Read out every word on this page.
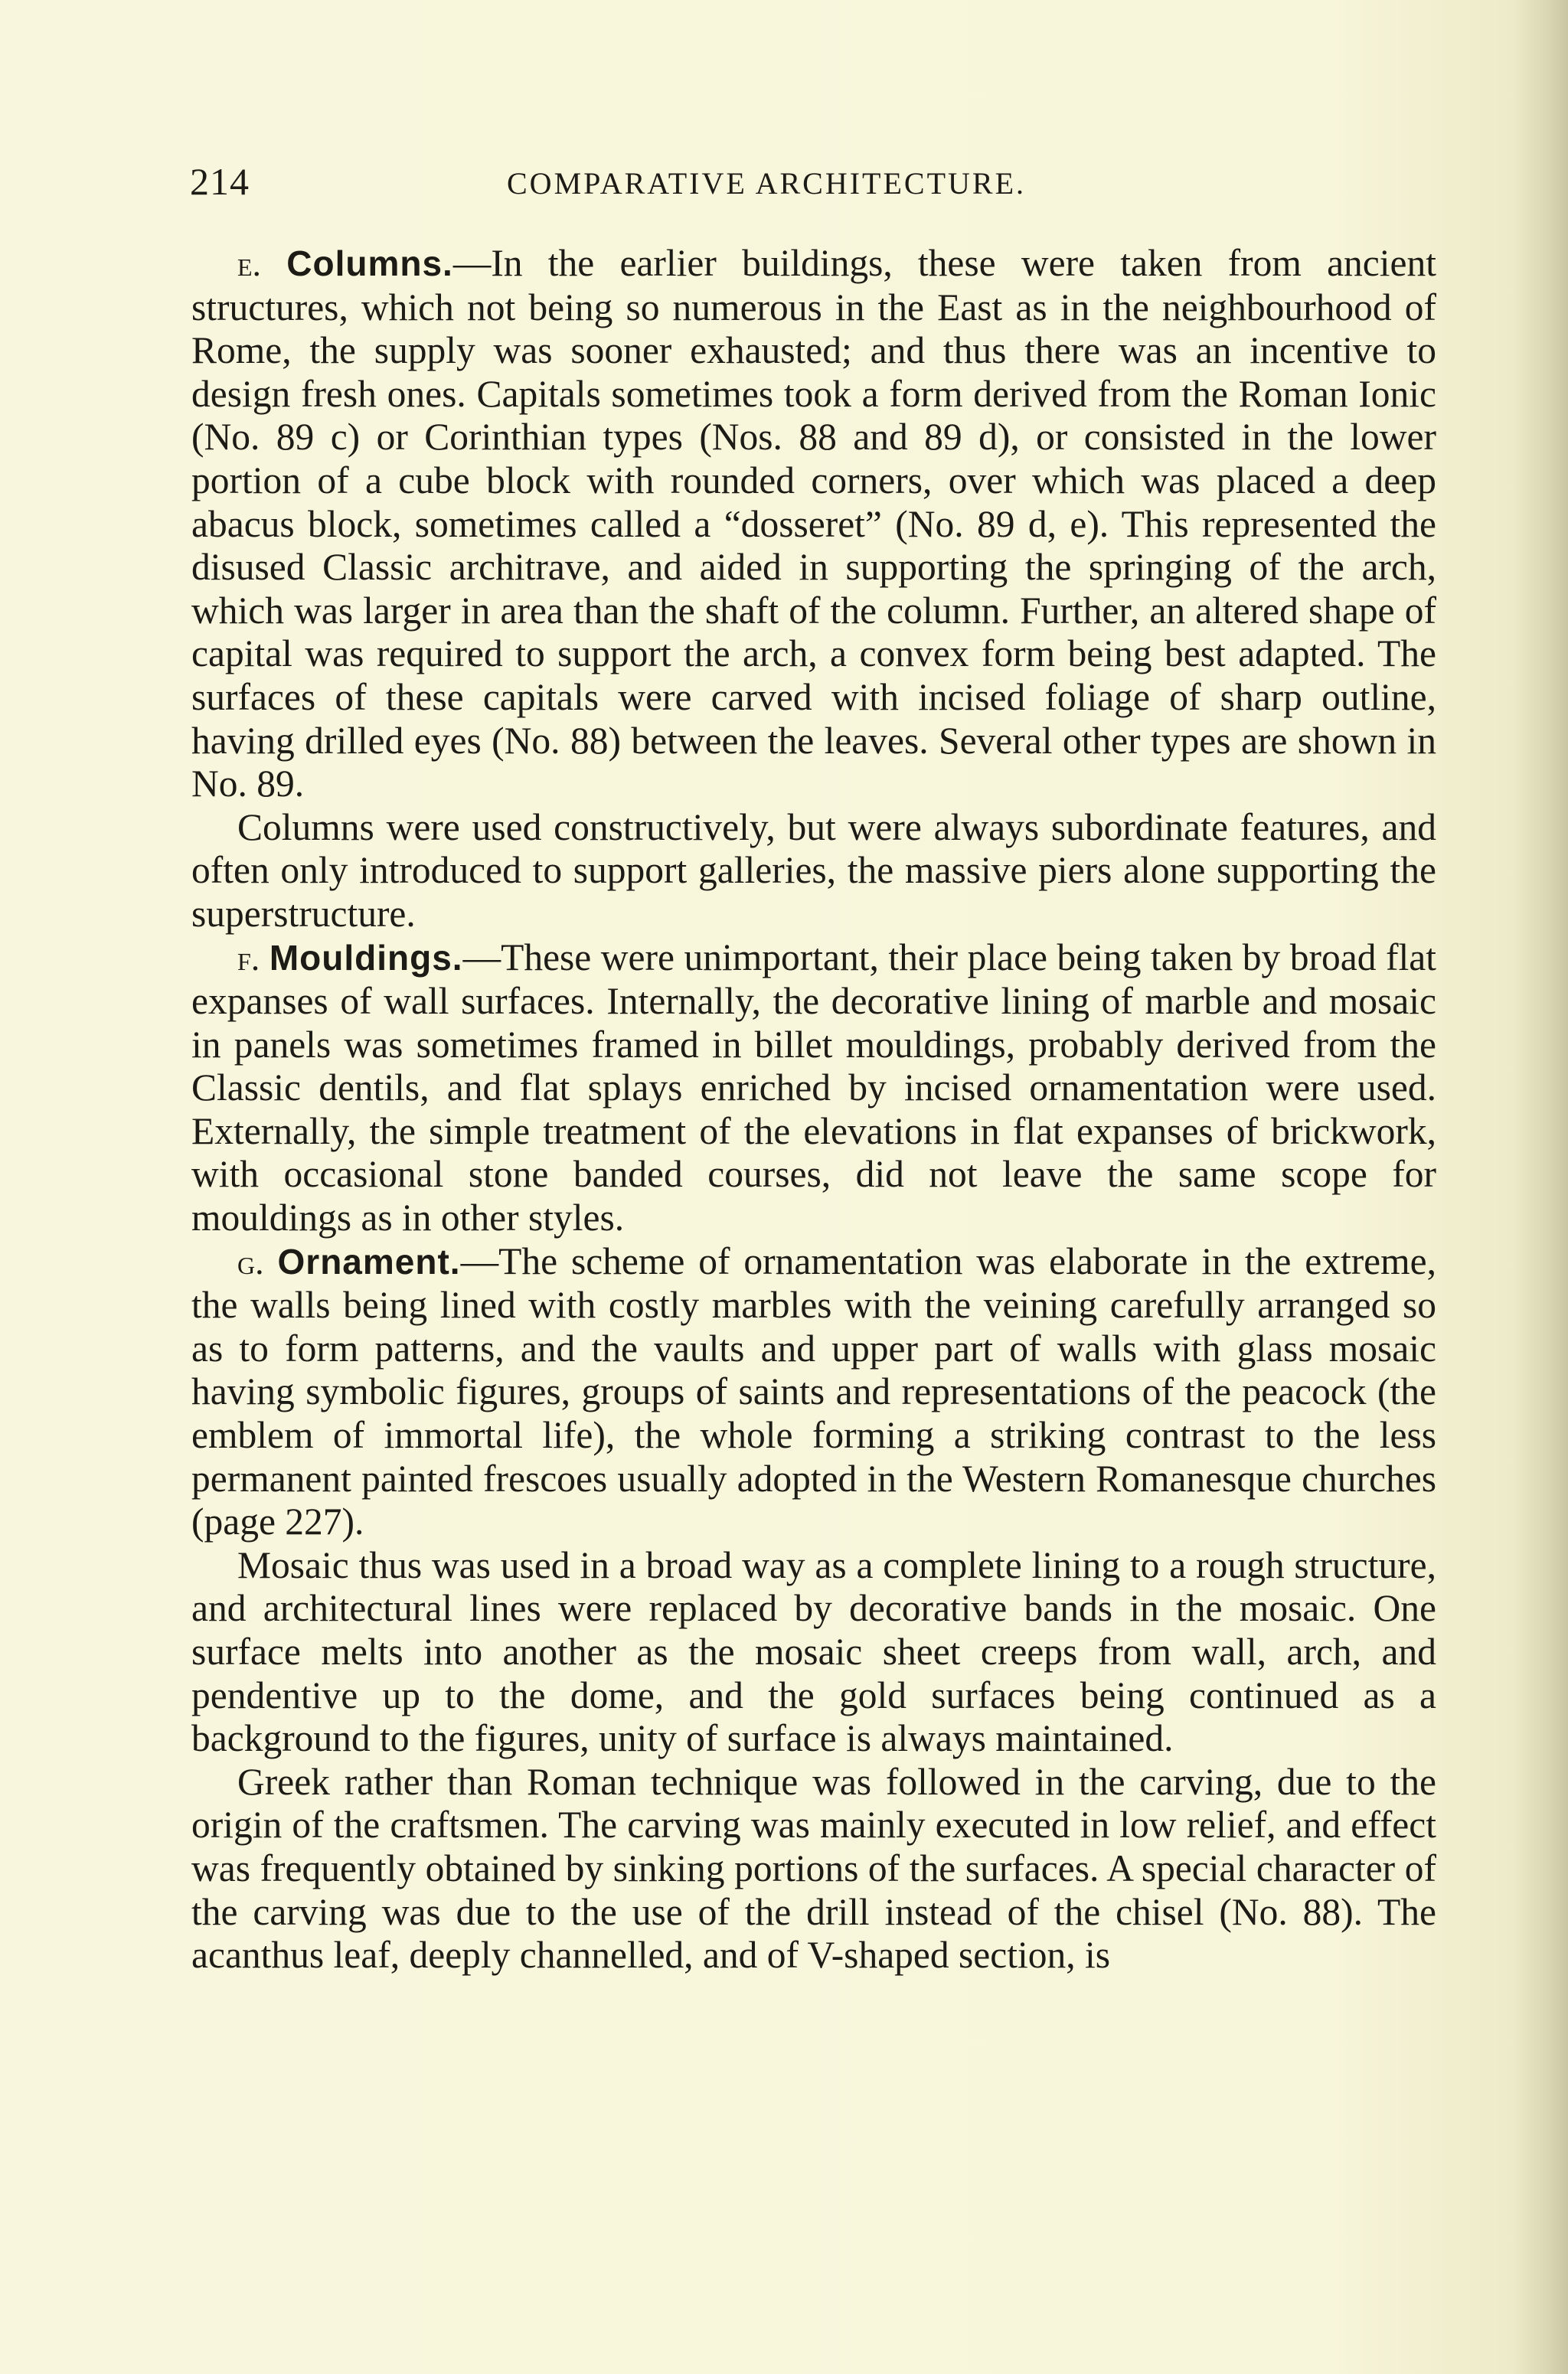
214	COMPARATIVE ARCHITECTURE.

e. Columns.—In the earlier buildings, these were taken from ancient structures, which not being so numerous in the East as in the neighbourhood of Rome, the supply was sooner exhausted; and thus there was an incentive to design fresh ones. Capitals sometimes took a form derived from the Roman Ionic (No. 89 c) or Corinthian types (Nos. 88 and 89 d), or consisted in the lower portion of a cube block with rounded corners, over which was placed a deep abacus block, sometimes called a “dosseret” (No. 89 d, e). This represented the disused Classic architrave, and aided in supporting the springing of the arch, which was larger in area than the shaft of the column. Further, an altered shape of capital was required to support the arch, a convex form being best adapted. The surfaces of these capitals were carved with incised foliage of sharp outline, having drilled eyes (No. 88) between the leaves. Several other types are shown in No. 89.

Columns were used constructively, but were always subordinate features, and often only introduced to support galleries, the massive piers alone supporting the superstructure.

f. Mouldings.—These were unimportant, their place being taken by broad flat expanses of wall surfaces. Internally, the decorative lining of marble and mosaic in panels was sometimes framed in billet mouldings, probably derived from the Classic dentils, and flat splays enriched by incised ornamentation were used. Externally, the simple treatment of the elevations in flat expanses of brickwork, with occasional stone banded courses, did not leave the same scope for mouldings as in other styles.

g. Ornament.—The scheme of ornamentation was elaborate in the extreme, the walls being lined with costly marbles with the veining carefully arranged so as to form patterns, and the vaults and upper part of walls with glass mosaic having symbolic figures, groups of saints and representations of the peacock (the emblem of immortal life), the whole forming a striking contrast to the less permanent painted frescoes usually adopted in the Western Romanesque churches (page 227).

Mosaic thus was used in a broad way as a complete lining to a rough structure, and architectural lines were replaced by decorative bands in the mosaic. One surface melts into another as the mosaic sheet creeps from wall, arch, and pendentive up to the dome, and the gold surfaces being continued as a background to the figures, unity of surface is always maintained.

Greek rather than Roman technique was followed in the carving, due to the origin of the craftsmen. The carving was mainly executed in low relief, and effect was frequently obtained by sinking portions of the surfaces. A special character of the carving was due to the use of the drill instead of the chisel (No. 88). The acanthus leaf, deeply channelled, and of V-shaped section, is
